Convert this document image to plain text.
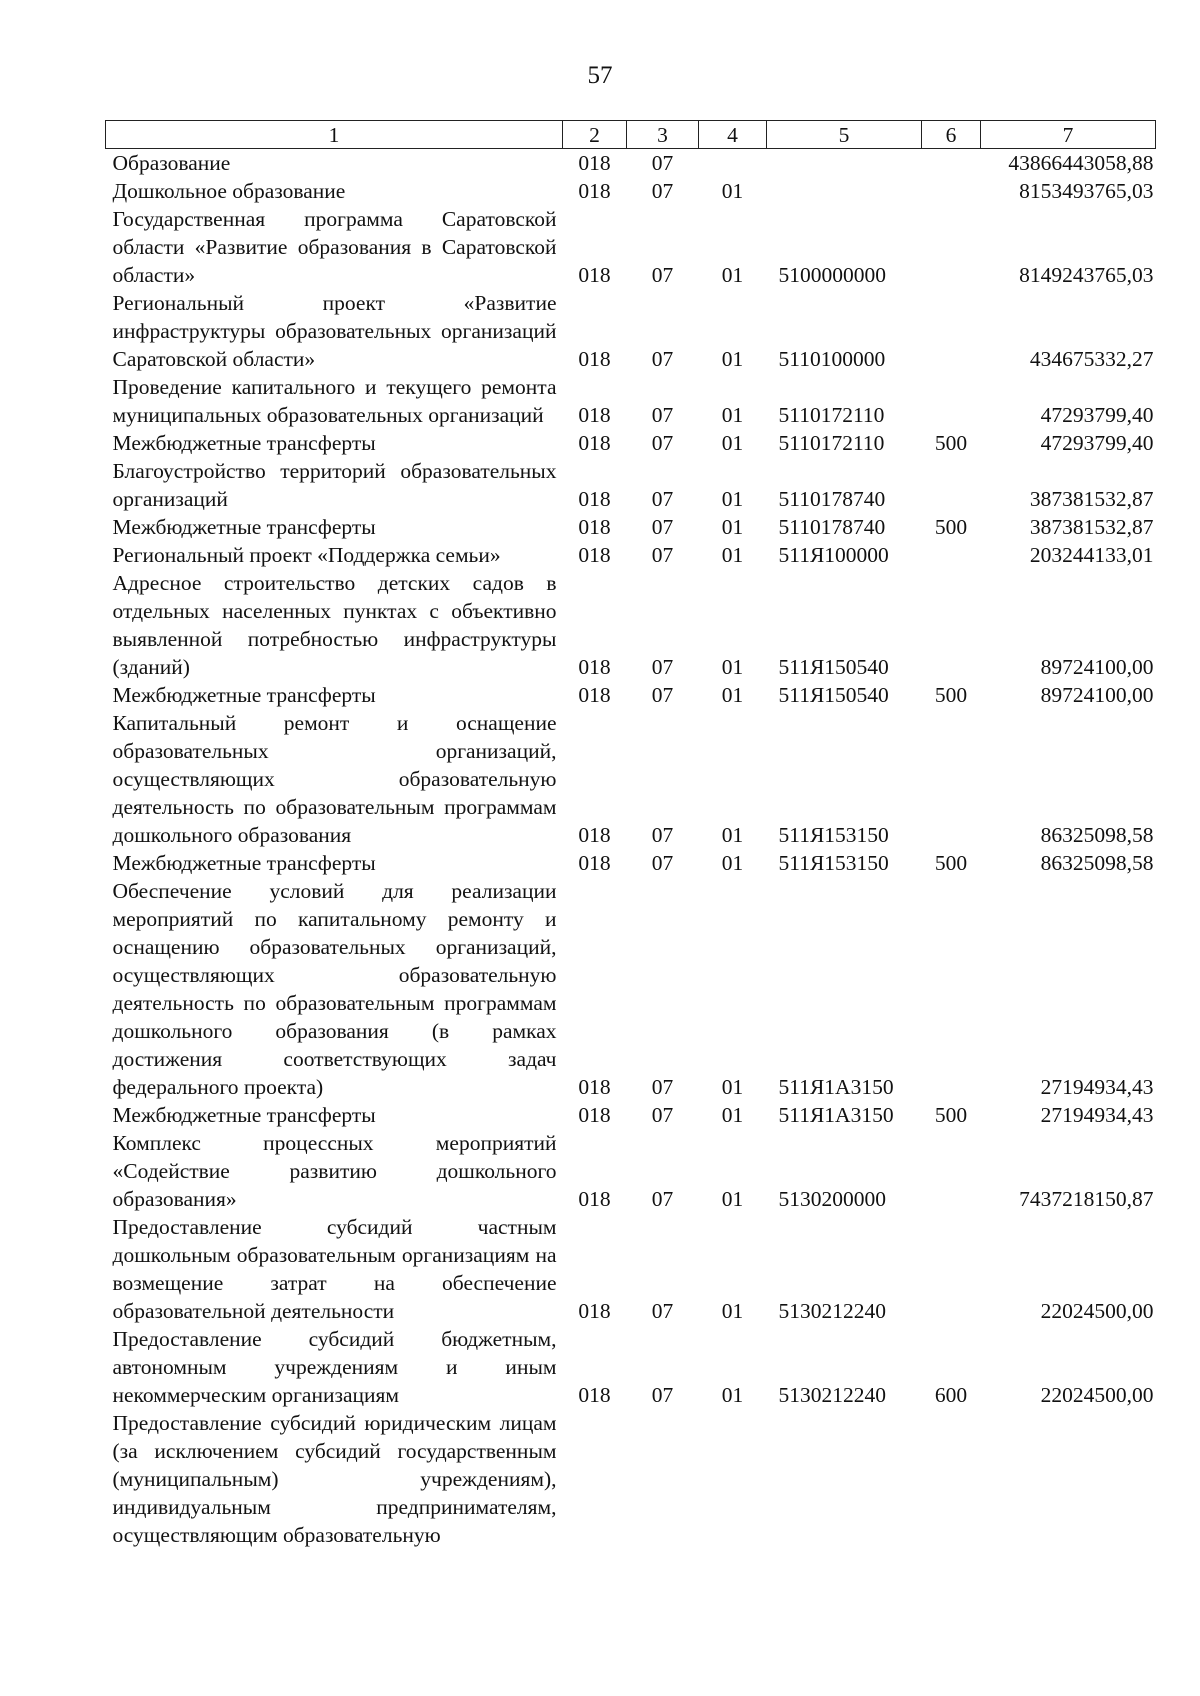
57
1	2	3	4	5	6	7
Образование	018	07				43866443058,88
Дошкольное образование	018	07	01			8153493765,03
Государственная программа Саратовской области «Развитие образования в Саратовской области»	018	07	01	5100000000		8149243765,03
Региональный проект «Развитие инфраструктуры образовательных организаций Саратовской области»	018	07	01	5110100000		434675332,27
Проведение капитального и текущего ремонта муниципальных образовательных организаций	018	07	01	5110172110		47293799,40
Межбюджетные трансферты	018	07	01	5110172110	500	47293799,40
Благоустройство территорий образовательных организаций	018	07	01	5110178740		387381532,87
Межбюджетные трансферты	018	07	01	5110178740	500	387381532,87
Региональный проект «Поддержка семьи»	018	07	01	511Я100000		203244133,01
Адресное строительство детских садов в отдельных населенных пунктах с объективно выявленной потребностью инфраструктуры (зданий)	018	07	01	511Я150540		89724100,00
Межбюджетные трансферты	018	07	01	511Я150540	500	89724100,00
Капитальный ремонт и оснащение образовательных организаций, осуществляющих образовательную деятельность по образовательным программам дошкольного образования	018	07	01	511Я153150		86325098,58
Межбюджетные трансферты	018	07	01	511Я153150	500	86325098,58
Обеспечение условий для реализации мероприятий по капитальному ремонту и оснащению образовательных организаций, осуществляющих образовательную деятельность по образовательным программам дошкольного образования (в рамках достижения соответствующих задач федерального проекта)	018	07	01	511Я1А3150		27194934,43
Межбюджетные трансферты	018	07	01	511Я1А3150	500	27194934,43
Комплекс процессных мероприятий «Содействие развитию дошкольного образования»	018	07	01	5130200000		7437218150,87
Предоставление субсидий частным дошкольным образовательным организациям на возмещение затрат на обеспечение образовательной деятельности	018	07	01	5130212240		22024500,00
Предоставление субсидий бюджетным, автономным учреждениям и иным некоммерческим организациям	018	07	01	5130212240	600	22024500,00
Предоставление субсидий юридическим лицам (за исключением субсидий государственным (муниципальным) учреждениям), индивидуальным предпринимателям, осуществляющим образовательную						
